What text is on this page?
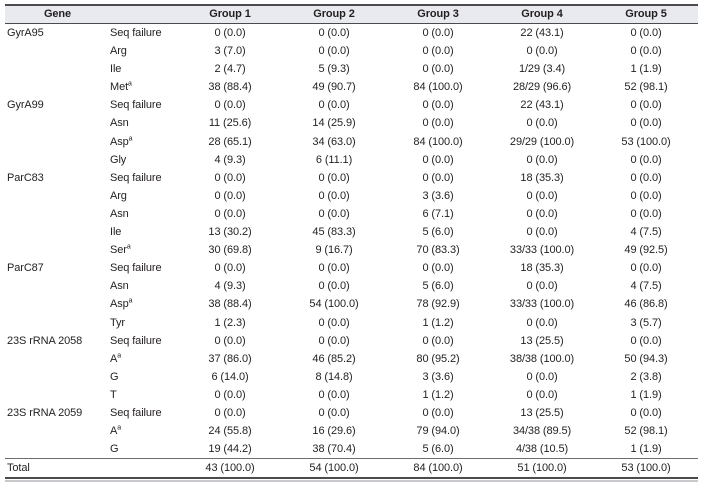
Gene		Group 1	Group 2	Group 3	Group 4	Group 5
GyrA95	Seq failure	0 (0.0)	0 (0.0)	0 (0.0)	22 (43.1)	0 (0.0)
	Arg	3 (7.0)	0 (0.0)	0 (0.0)	0 (0.0)	0 (0.0)
	Ile	2 (4.7)	5 (9.3)	0 (0.0)	1/29 (3.4)	1 (1.9)
	Met$^a$	38 (88.4)	49 (90.7)	84 (100.0)	28/29 (96.6)	52 (98.1)
GyrA99	Seq failure	0 (0.0)	0 (0.0)	0 (0.0)	22 (43.1)	0 (0.0)
	Asn	11 (25.6)	14 (25.9)	0 (0.0)	0 (0.0)	0 (0.0)
	Asp$^a$	28 (65.1)	34 (63.0)	84 (100.0)	29/29 (100.0)	53 (100.0)
	Gly	4 (9.3)	6 (11.1)	0 (0.0)	0 (0.0)	0 (0.0)
ParC83	Seq failure	0 (0.0)	0 (0.0)	0 (0.0)	18 (35.3)	0 (0.0)
	Arg	0 (0.0)	0 (0.0)	3 (3.6)	0 (0.0)	0 (0.0)
	Asn	0 (0.0)	0 (0.0)	6 (7.1)	0 (0.0)	0 (0.0)
	Ile	13 (30.2)	45 (83.3)	5 (6.0)	0 (0.0)	4 (7.5)
	Ser$^a$	30 (69.8)	9 (16.7)	70 (83.3)	33/33 (100.0)	49 (92.5)
ParC87	Seq failure	0 (0.0)	0 (0.0)	0 (0.0)	18 (35.3)	0 (0.0)
	Asn	4 (9.3)	0 (0.0)	5 (6.0)	0 (0.0)	4 (7.5)
	Asp$^a$	38 (88.4)	54 (100.0)	78 (92.9)	33/33 (100.0)	46 (86.8)
	Tyr	1 (2.3)	0 (0.0)	1 (1.2)	0 (0.0)	3 (5.7)
23S rRNA 2058	Seq failure	0 (0.0)	0 (0.0)	0 (0.0)	13 (25.5)	0 (0.0)
	$A^a$	37 (86.0)	46 (85.2)	80 (95.2)	38/38 (100.0)	50 (94.3)
	G	6 (14.0)	8 (14.8)	3 (3.6)	0 (0.0)	2 (3.8)
	T	0 (0.0)	0 (0.0)	1 (1.2)	0 (0.0)	1 (1.9)
23S rRNA 2059	Seq failure	0 (0.0)	0 (0.0)	0 (0.0)	13 (25.5)	0 (0.0)
	$A^a$	24 (55.8)	16 (29.6)	79 (94.0)	34/38 (89.5)	52 (98.1)
	G	19 (44.2)	38 (70.4)	5 (6.0)	4/38 (10.5)	1 (1.9)
Total		43 (100.0)	54 (100.0)	84 (100.0)	51 (100.0)	53 (100.0)
